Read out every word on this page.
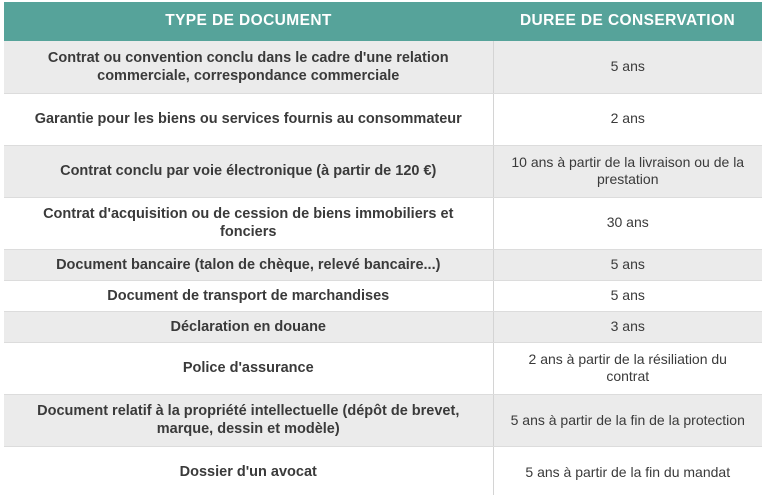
TYPE DE DOCUMENT	DUREE DE CONSERVATION
Contrat ou convention conclu dans le cadre d'une relation commerciale, correspondance commerciale	5 ans
Garantie pour les biens ou services fournis au consommateur	2 ans
Contrat conclu par voie électronique (à partir de 120 €)	10 ans à partir de la livraison ou de la prestation
Contrat d'acquisition ou de cession de biens immobiliers et fonciers	30 ans
Document bancaire (talon de chèque, relevé bancaire...)	5 ans
Document de transport de marchandises	5 ans
Déclaration en douane	3 ans
Police d'assurance	2 ans à partir de la résiliation du contrat
Document relatif à la propriété intellectuelle (dépôt de brevet, marque, dessin et modèle)	5 ans à partir de la fin de la protection
Dossier d'un avocat	5 ans à partir de la fin du mandat
